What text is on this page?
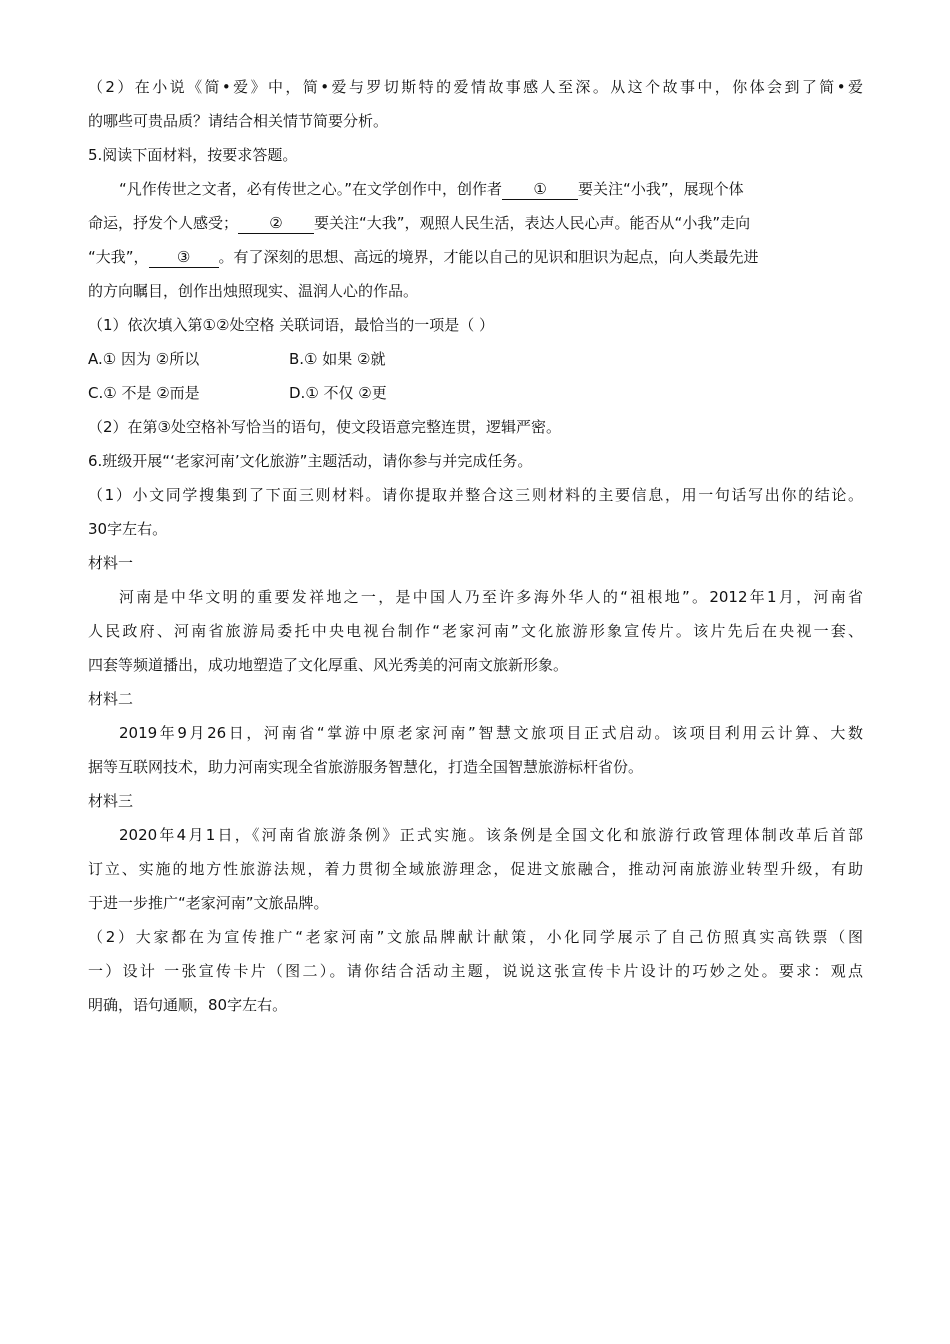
（2）在小说《简•爱》中，简•爱与罗切斯特的爱情故事感人至深。从这个故事中，你体会到了简•爱
的哪些可贵品质？请结合相关情节简要分析。
5.阅读下面材料，按要求答题。
“凡作传世之文者，必有传世之心。”在文学创作中，创作者 ① 要关注“小我”，展现个体
命运，抒发个人感受； ② 要关注“大我”，观照人民生活，表达人民心声。能否从“小我”走向
“大我”， ③ 。有了深刻的思想、高远的境界，才能以自己的见识和胆识为起点，向人类最先进
的方向瞩目，创作出烛照现实、温润人心的作品。
（1）依次填入第①②处空格 关联词语，最恰当的一项是（ ）
A.① 因为 ②所以	B.① 如果 ②就
C.① 不是 ②而是	D.① 不仅 ②更
（2）在第③处空格补写恰当的语句，使文段语意完整连贯，逻辑严密。
6.班级开展“‘老家河南’文化旅游”主题活动，请你参与并完成任务。
（1）小文同学搜集到了下面三则材料。请你提取并整合这三则材料的主要信息，用一句话写出你的结论。
30字左右。
材料一
河南是中华文明的重要发祥地之一，是中国人乃至许多海外华人的“祖根地”。2012年1月，河南省
人民政府、河南省旅游局委托中央电视台制作“老家河南”文化旅游形象宣传片。该片先后在央视一套、
四套等频道播出，成功地塑造了文化厚重、风光秀美的河南文旅新形象。
材料二
2019年9月26日，河南省“掌游中原老家河南”智慧文旅项目正式启动。该项目利用云计算、大数
据等互联网技术，助力河南实现全省旅游服务智慧化，打造全国智慧旅游标杆省份。
材料三
2020年4月1日，《河南省旅游条例》正式实施。该条例是全国文化和旅游行政管理体制改革后首部
订立、实施的地方性旅游法规，着力贯彻全域旅游理念，促进文旅融合，推动河南旅游业转型升级，有助
于进一步推广“老家河南”文旅品牌。
（2）大家都在为宣传推广“老家河南”文旅品牌献计献策，小化同学展示了自己仿照真实高铁票（图
一）设计 一张宣传卡片（图二）。请你结合活动主题，说说这张宣传卡片设计的巧妙之处。要求：观点
明确，语句通顺，80字左右。
